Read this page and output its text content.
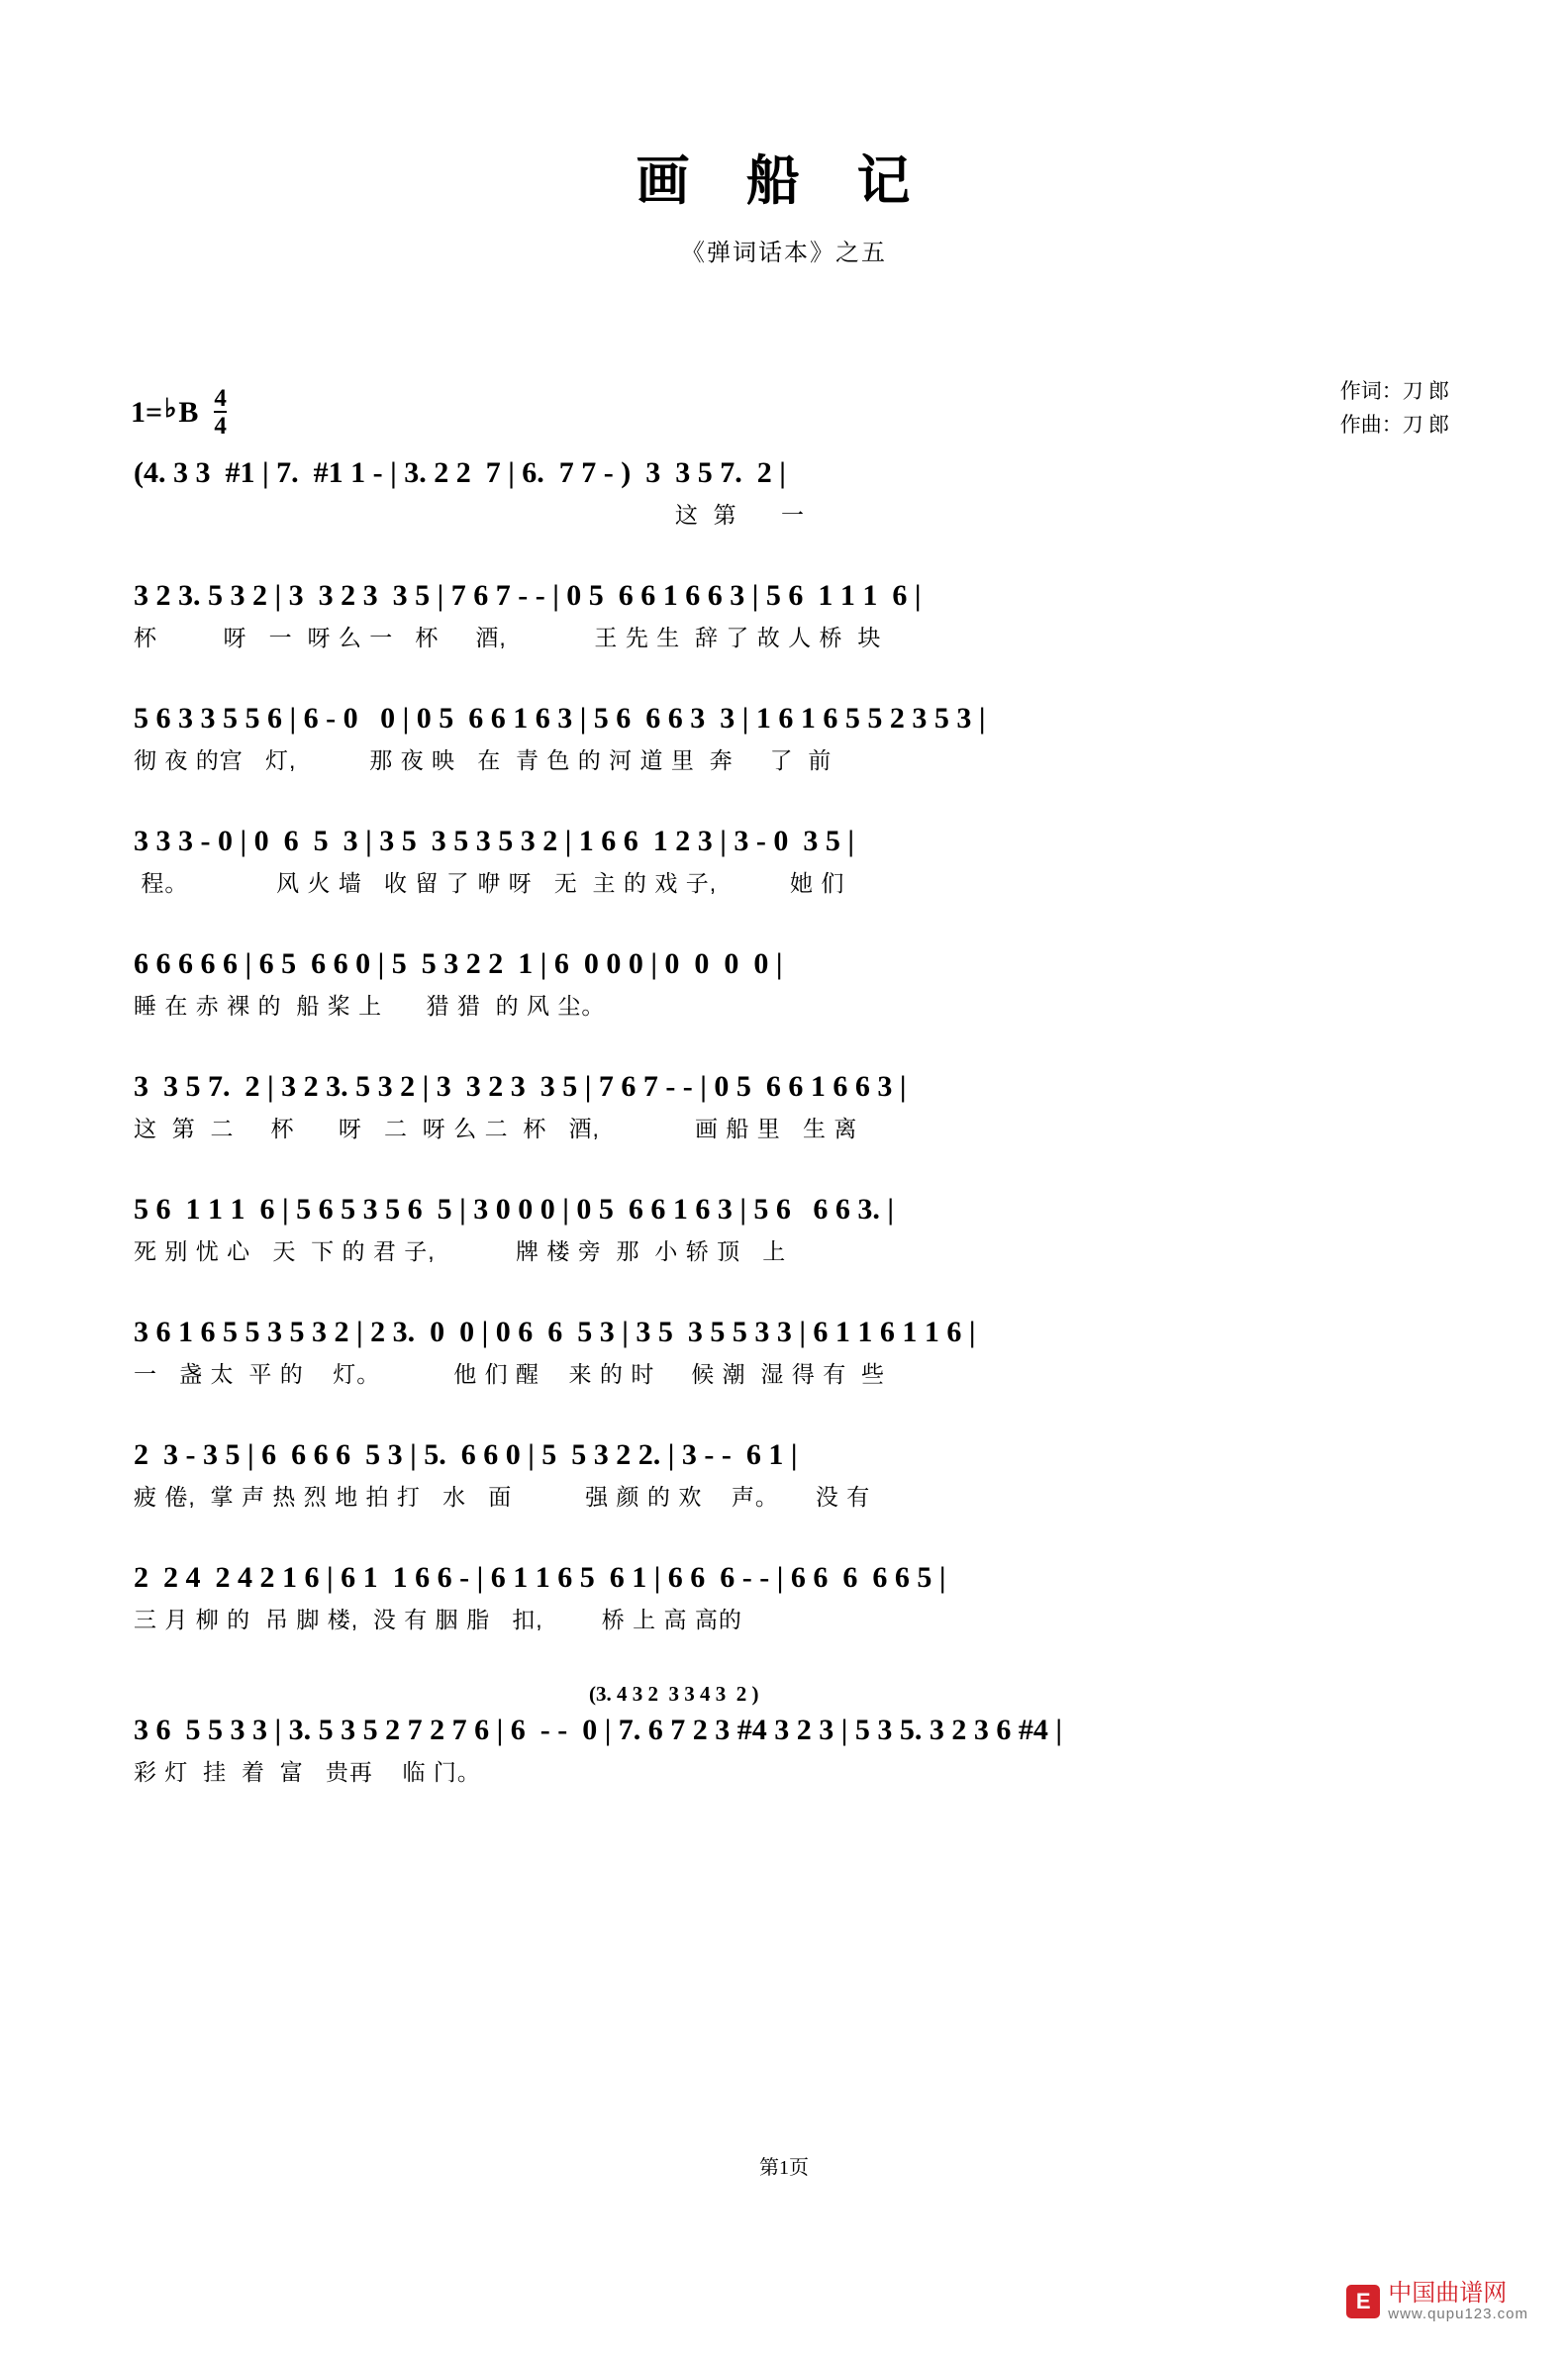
画 船 记
《弹词话本》之五
作词：刀 郎
作曲：刀 郎
1= ♭ B $\frac{4}{4}$
(4. 3 3  #1 | 7.  #1 1 - | 3. 2 2  7 | 6.  7 7 - )  3  3 5 7.  2 |
这  第      一
3 2 3. 5 3 2 | 3  3 2 3  3 5 | 7 6 7 - - | 0 5  6 6 1 6 6 3 | 5 6  1 1 1  6 |
杯         呀   一  呀 么 一   杯     酒,            王 先 生  辞 了 故 人 桥  块
5 6 3 3 5 5 6 | 6 - 0   0 | 0 5  6 6 1 6 3 | 5 6  6 6 3  3 | 1 6 1 6 5 5 2 3 5 3 |
彻 夜 的宫   灯,          那 夜 映   在  青 色 的 河 道 里  奔     了  前
3 3 3 - 0 | 0  6  5  3 | 3 5  3 5 3 5 3 2 | 1 6 6  1 2 3 | 3 - 0  3 5 |
程。            风 火 墙   收 留 了 咿 呀   无  主 的 戏 子,          她 们
6 6 6 6 6 | 6 5  6 6 0 | 5  5 3 2 2  1 | 6  0 0 0 | 0  0  0  0 |
睡 在 赤 裸 的  船 桨 上      猎 猎  的 风 尘。
3  3 5 7.  2 | 3 2 3. 5 3 2 | 3  3 2 3  3 5 | 7 6 7 - - | 0 5  6 6 1 6 6 3 |
这  第  二     杯      呀   二  呀 么 二  杯   酒,             画 船 里   生 离
5 6  1 1 1  6 | 5 6 5 3 5 6  5 | 3 0 0 0 | 0 5  6 6 1 6 3 | 5 6   6 6 3. |
死 别 忧 心   天  下 的 君 子,           牌 楼 旁  那  小 轿 顶   上
3 6 1 6 5 5 3 5 3 2 | 2 3.  0  0 | 0 6  6  5 3 | 3 5  3 5 5 3 3 | 6 1 1 6 1 1 6 |
一   盏 太  平 的    灯。          他 们 醒    来 的 时     候 潮  湿 得 有  些
2  3 - 3 5 | 6  6 6 6  5 3 | 5.  6 6 0 | 5  5 3 2 2. | 3 - -  6 1 |
疲 倦,  掌 声 热 烈 地 拍 打   水   面          强 颜 的 欢    声。     没 有
2  2 4  2 4 2 1 6 | 6 1  1 6 6 - | 6 1 1 6 5  6 1 | 6 6  6 - - | 6 6  6  6 6 5 |
三 月 柳 的  吊 脚 楼,  没 有 胭 脂   扣,        桥 上 高 高的
(3. 4 3 2  3 3 4 3  2 )
3 6  5 5 3 3 | 3. 5 3 5 2 7 2 7 6 | 6  - -  0 | 7. 6 7 2 3 #4 3 2 3 | 5 3 5. 3 2 3 6 #4 |
彩 灯  挂  着  富   贵再    临 门。
第1页
E 中国曲谱网
www.qupu123.com
